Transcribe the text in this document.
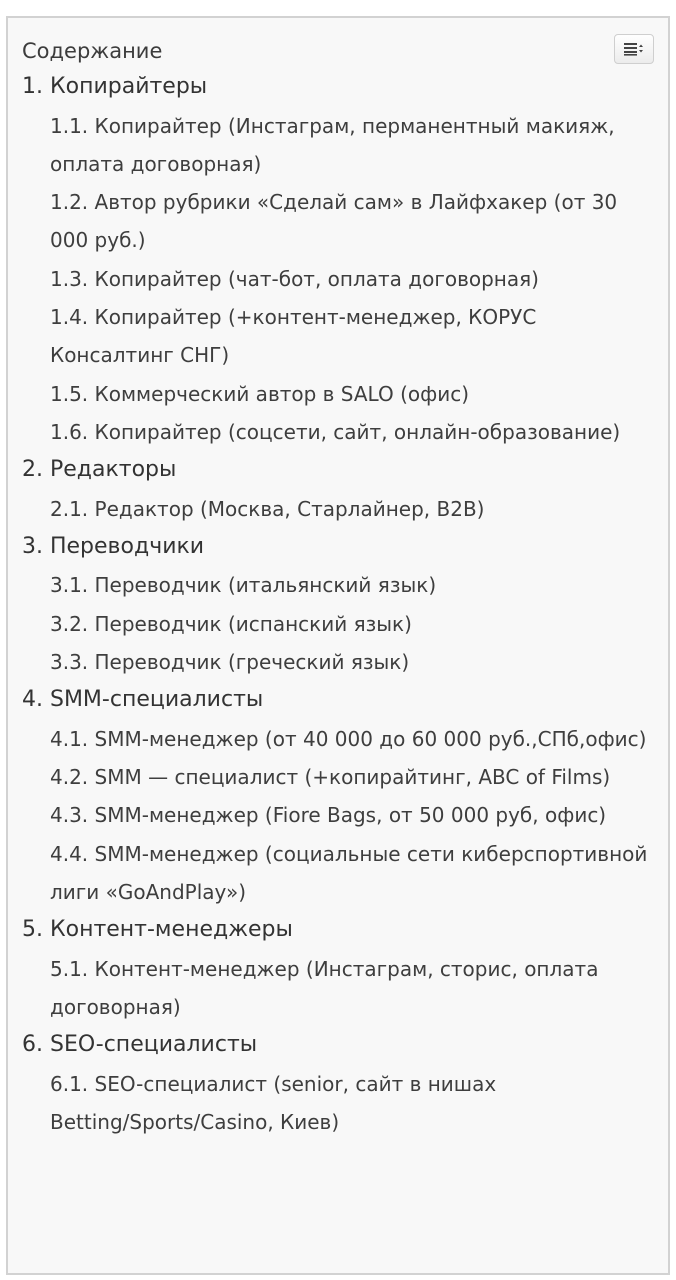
Содержание
1. Копирайтеры
1.1. Копирайтер (Инстаграм, перманентный макияж, оплата договорная)
1.2. Автор рубрики «Сделай сам» в Лайфхакер (от 30 000 руб.)
1.3. Копирайтер (чат-бот, оплата договорная)
1.4. Копирайтер (+контент-менеджер, КОРУС Консалтинг СНГ)
1.5. Коммерческий автор в SALO (офис)
1.6. Копирайтер (соцсети, сайт, онлайн-образование)
2. Редакторы
2.1. Редактор (Москва, Старлайнер, B2B)
3. Переводчики
3.1. Переводчик (итальянский язык)
3.2. Переводчик (испанский язык)
3.3. Переводчик (греческий язык)
4. SMM-специалисты
4.1. SMM-менеджер (от 40 000 до 60 000 руб.,СПб,офис)
4.2. SMM — специалист (+копирайтинг, ABC of Films)
4.3. SMM-менеджер (Fiore Bags, от 50 000 руб, офис)
4.4. SMM-менеджер (социальные сети киберспортивной лиги «GoAndPlay»)
5. Контент-менеджеры
5.1. Контент-менеджер (Инстаграм, сторис, оплата договорная)
6. SEO-специалисты
6.1. SEO-специалист (senior, сайт в нишах Betting/Sports/Casino, Киев)
